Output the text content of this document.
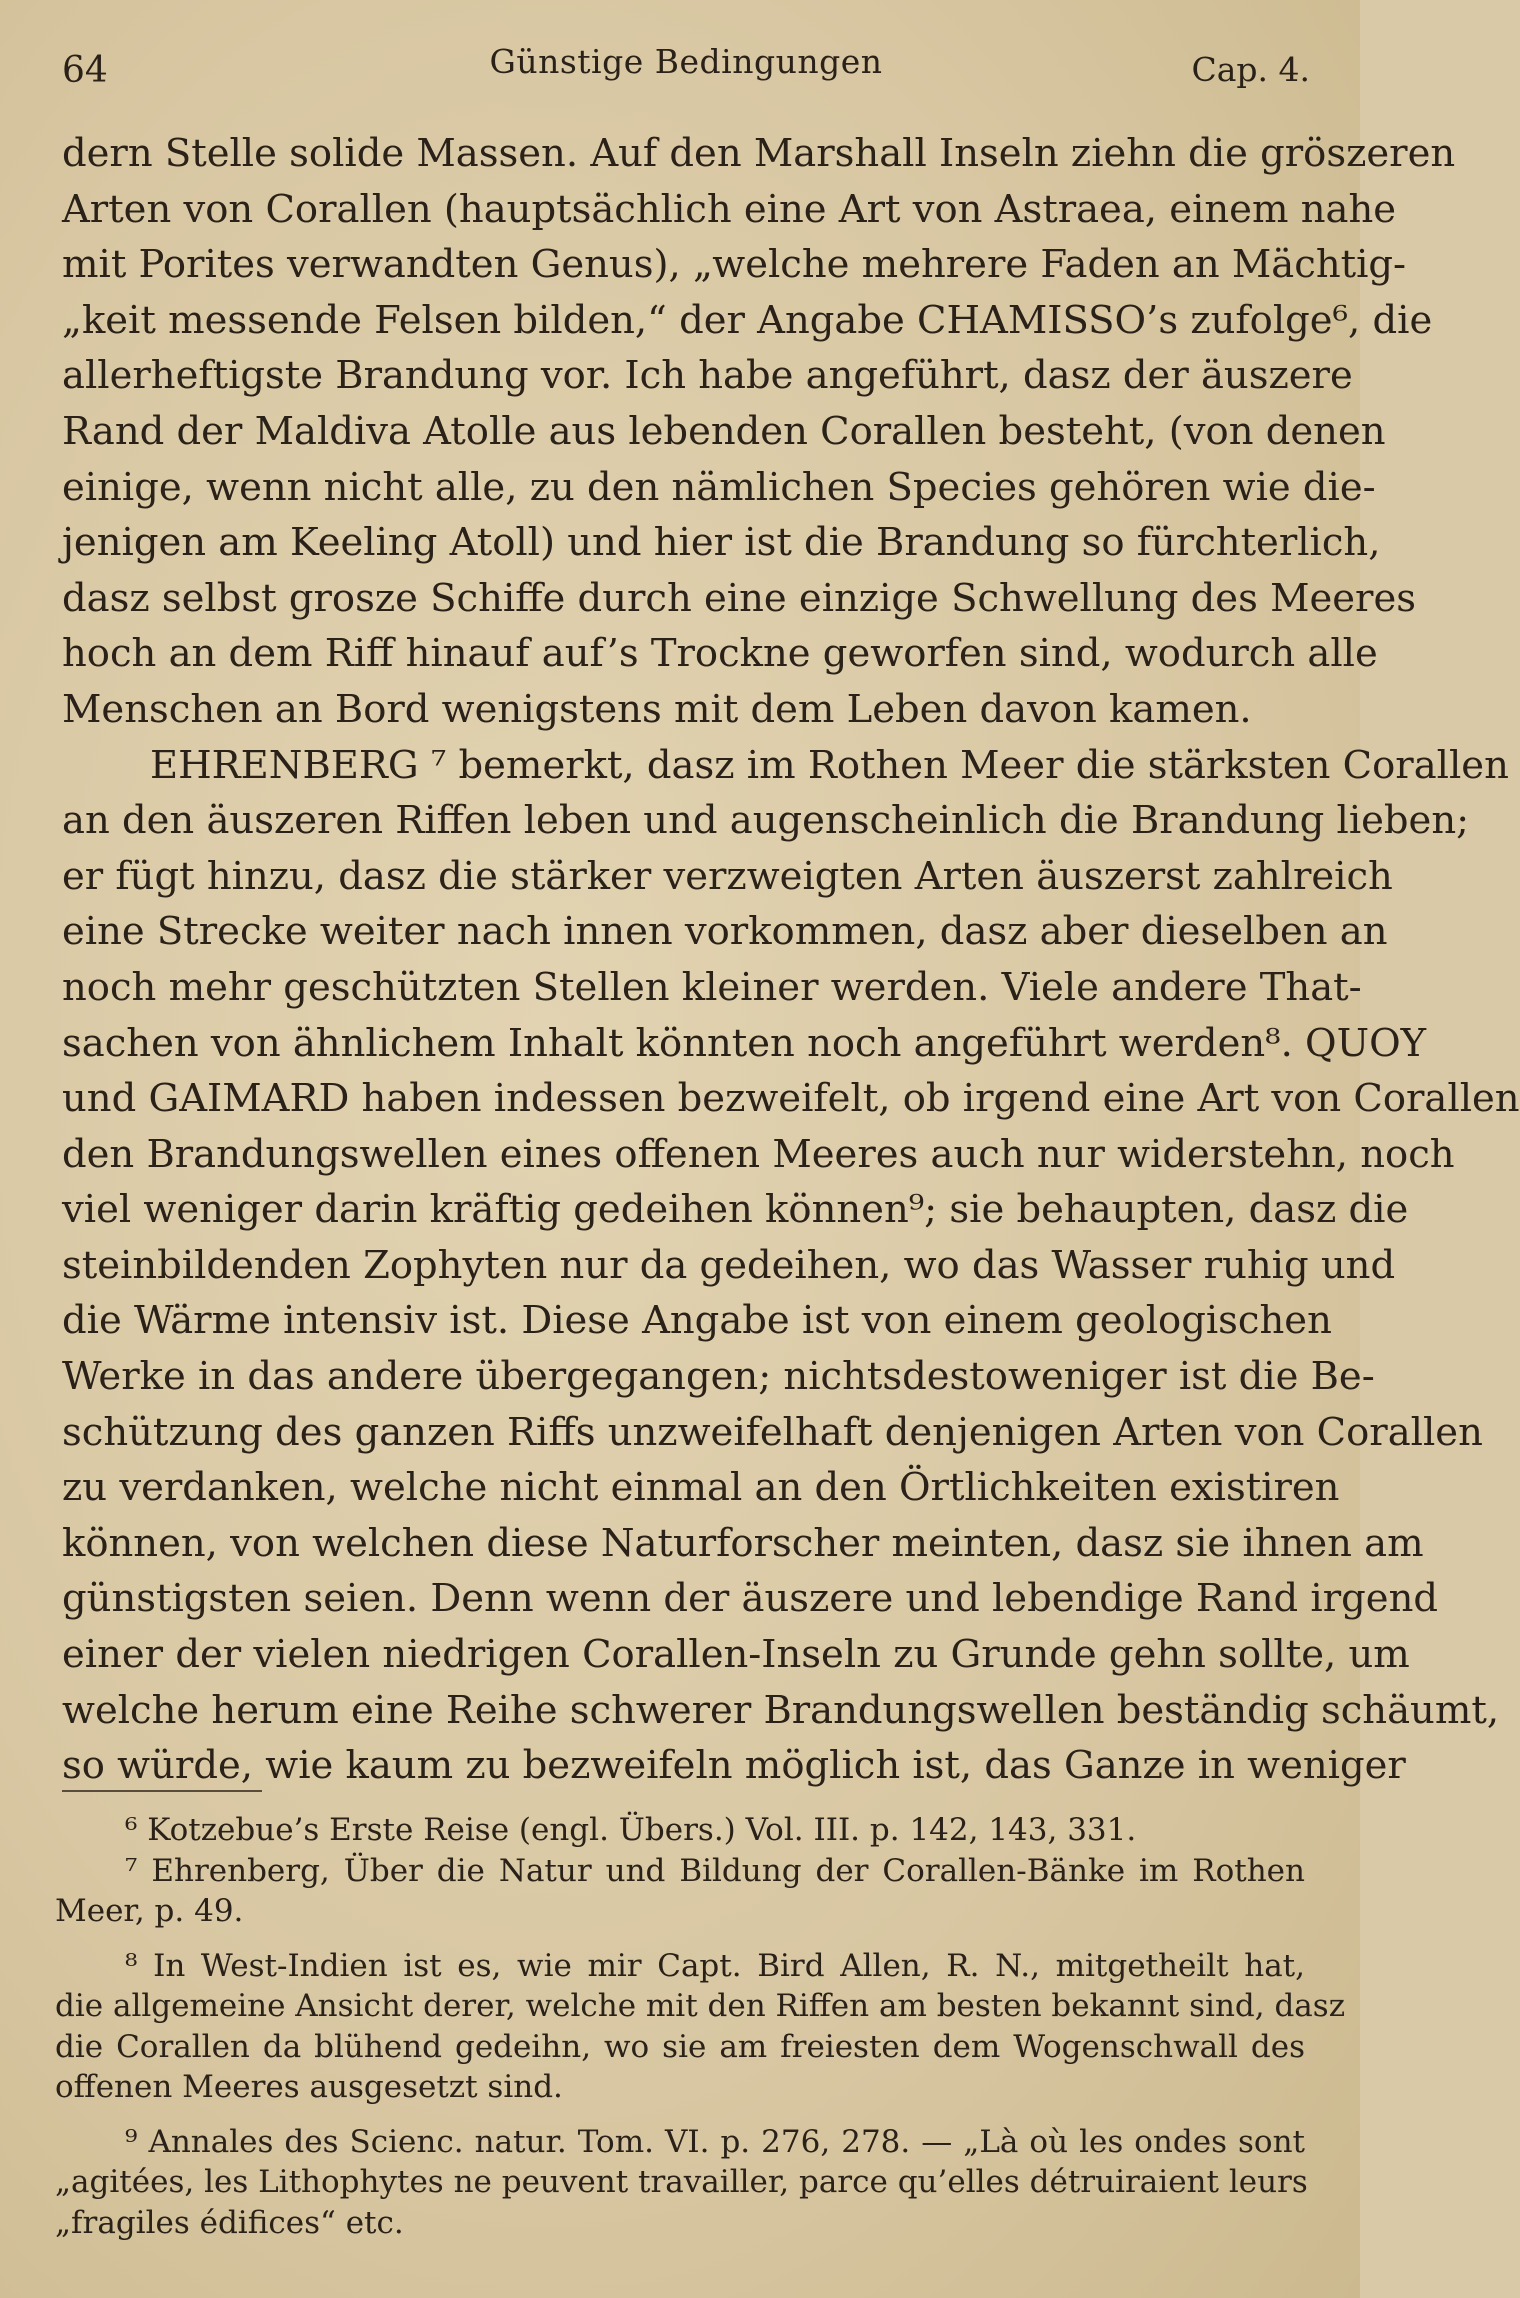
64	Günstige Bedingungen	Cap. 4.
dern Stelle solide Massen. Auf den Marshall Inseln ziehn die gröszeren
Arten von Corallen (hauptsächlich eine Art von Astraea, einem nahe
mit Porites verwandten Genus), „welche mehrere Faden an Mächtig-
„keit messende Felsen bilden,“ der Angabe CHAMISSO’s zufolge⁶, die
allerheftigste Brandung vor. Ich habe angeführt, dasz der äuszere
Rand der Maldiva Atolle aus lebenden Corallen besteht, (von denen
einige, wenn nicht alle, zu den nämlichen Species gehören wie die-
jenigen am Keeling Atoll) und hier ist die Brandung so fürchterlich,
dasz selbst grosze Schiffe durch eine einzige Schwellung des Meeres
hoch an dem Riff hinauf auf’s Trockne geworfen sind, wodurch alle
Menschen an Bord wenigstens mit dem Leben davon kamen.
EHRENBERG ⁷ bemerkt, dasz im Rothen Meer die stärksten Corallen
an den äuszeren Riffen leben und augenscheinlich die Brandung lieben;
er fügt hinzu, dasz die stärker verzweigten Arten äuszerst zahlreich
eine Strecke weiter nach innen vorkommen, dasz aber dieselben an
noch mehr geschützten Stellen kleiner werden. Viele andere That-
sachen von ähnlichem Inhalt könnten noch angeführt werden⁸. QUOY
und GAIMARD haben indessen bezweifelt, ob irgend eine Art von Corallen
den Brandungswellen eines offenen Meeres auch nur widerstehn, noch
viel weniger darin kräftig gedeihen können⁹; sie behaupten, dasz die
steinbildenden Zophyten nur da gedeihen, wo das Wasser ruhig und
die Wärme intensiv ist. Diese Angabe ist von einem geologischen
Werke in das andere übergegangen; nichtsdestoweniger ist die Be-
schützung des ganzen Riffs unzweifelhaft denjenigen Arten von Corallen
zu verdanken, welche nicht einmal an den Örtlichkeiten existiren
können, von welchen diese Naturforscher meinten, dasz sie ihnen am
günstigsten seien. Denn wenn der äuszere und lebendige Rand irgend
einer der vielen niedrigen Corallen-Inseln zu Grunde gehn sollte, um
welche herum eine Reihe schwerer Brandungswellen beständig schäumt,
so würde, wie kaum zu bezweifeln möglich ist, das Ganze in weniger
⁶ Kotzebue’s Erste Reise (engl. Übers.) Vol. III. p. 142, 143, 331.
⁷ Ehrenberg, Über die Natur und Bildung der Corallen-Bänke im Rothen
Meer, p. 49.
⁸ In West-Indien ist es, wie mir Capt. Bird Allen, R. N., mitgetheilt hat,
die allgemeine Ansicht derer, welche mit den Riffen am besten bekannt sind, dasz
die Corallen da blühend gedeihn, wo sie am freiesten dem Wogenschwall des
offenen Meeres ausgesetzt sind.
⁹ Annales des Scienc. natur. Tom. VI. p. 276, 278. — „Là où les ondes sont
„agitées, les Lithophytes ne peuvent travailler, parce qu’elles détruiraient leurs
„fragiles édifices“ etc.
